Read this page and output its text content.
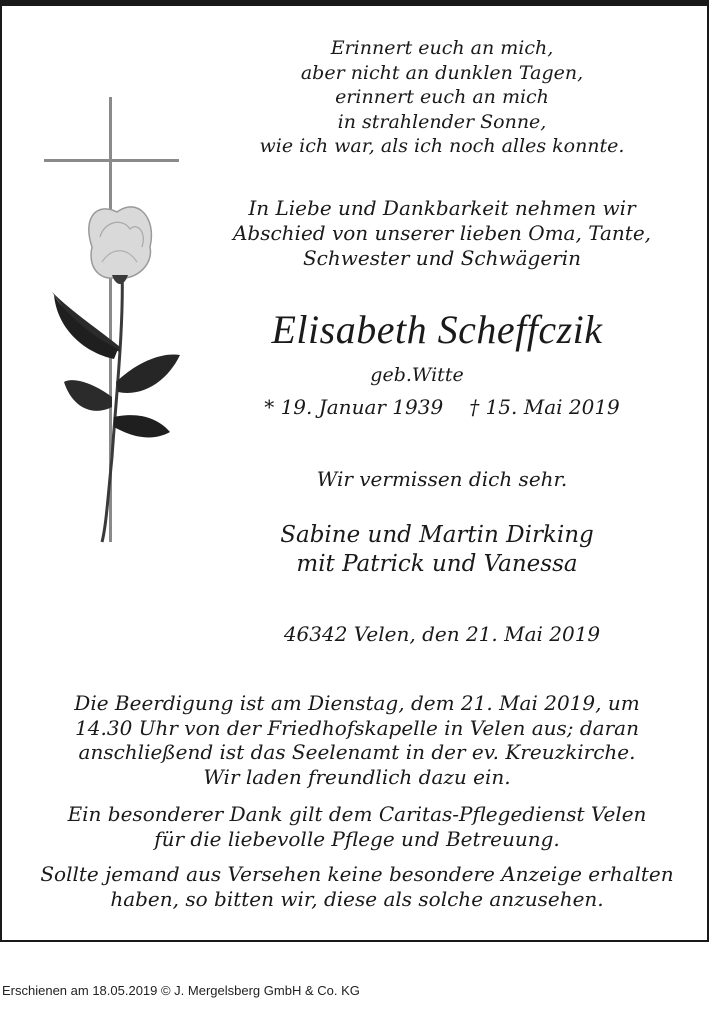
Erinnert euch an mich,
aber nicht an dunklen Tagen,
erinnert euch an mich
in strahlender Sonne,
wie ich war, als ich noch alles konnte.
In Liebe und Dankbarkeit nehmen wir
Abschied von unserer lieben Oma, Tante,
Schwester und Schwägerin
Elisabeth Scheffczik
geb.Witte
* 19. Januar 1939 † 15. Mai 2019
Wir vermissen dich sehr.
Sabine und Martin Dirking
mit Patrick und Vanessa
46342 Velen, den 21. Mai 2019
Die Beerdigung ist am Dienstag, dem 21. Mai 2019, um
14.30 Uhr von der Friedhofskapelle in Velen aus; daran
anschließend ist das Seelenamt in der ev. Kreuzkirche.
Wir laden freundlich dazu ein.
Ein besonderer Dank gilt dem Caritas-Pflegedienst Velen
für die liebevolle Pflege und Betreuung.
Sollte jemand aus Versehen keine besondere Anzeige erhalten
haben, so bitten wir, diese als solche anzusehen.
Erschienen am 18.05.2019 © J. Mergelsberg GmbH & Co. KG
